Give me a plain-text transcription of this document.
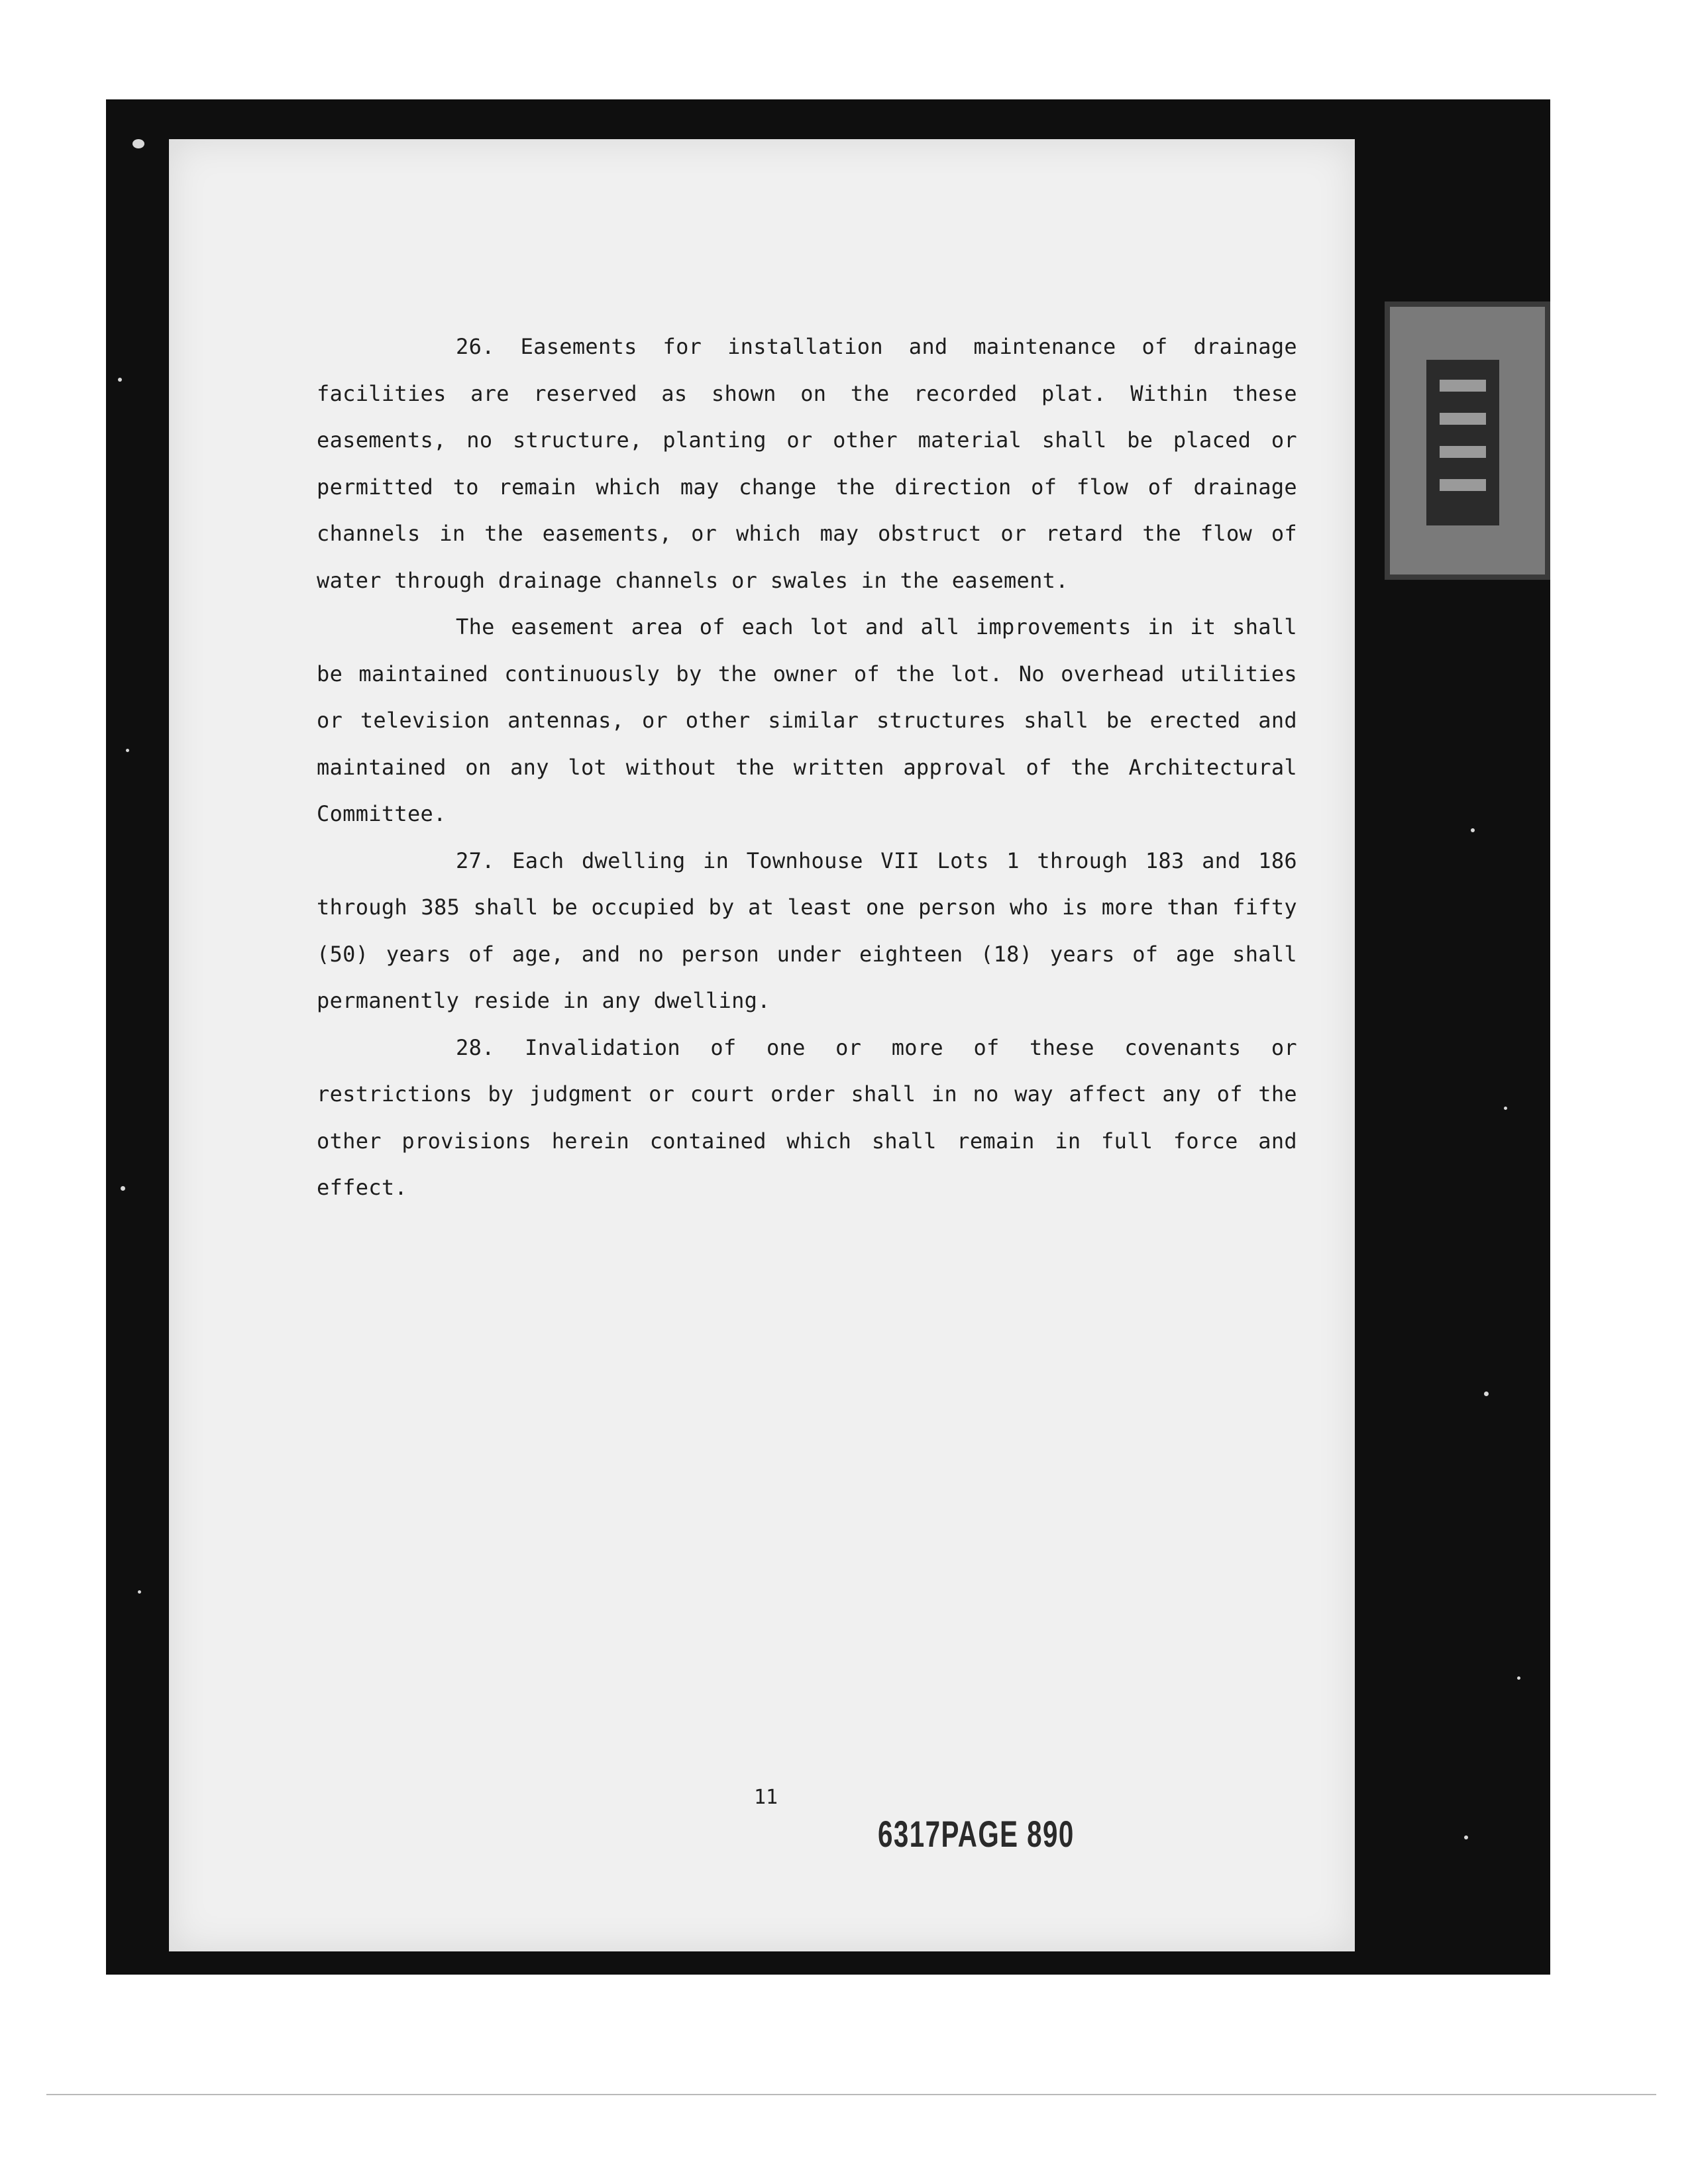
26. Easements for installation and maintenance of drainage facilities are reserved as shown on the recorded plat. Within these easements, no structure, planting or other material shall be placed or permitted to remain which may change the direction of flow of drainage channels in the easements, or which may obstruct or retard the flow of water through drainage channels or swales in the easement.

The easement area of each lot and all improvements in it shall be maintained continuously by the owner of the lot. No overhead utilities or television antennas, or other similar structures shall be erected and maintained on any lot without the written approval of the Architectural Committee.

27. Each dwelling in Townhouse VII Lots 1 through 183 and 186 through 385 shall be occupied by at least one person who is more than fifty (50) years of age, and no person under eighteen (18) years of age shall permanently reside in any dwelling.

28. Invalidation of one or more of these covenants or restrictions by judgment or court order shall in no way affect any of the other provisions herein contained which shall remain in full force and effect.

11
6317PAGE 890
